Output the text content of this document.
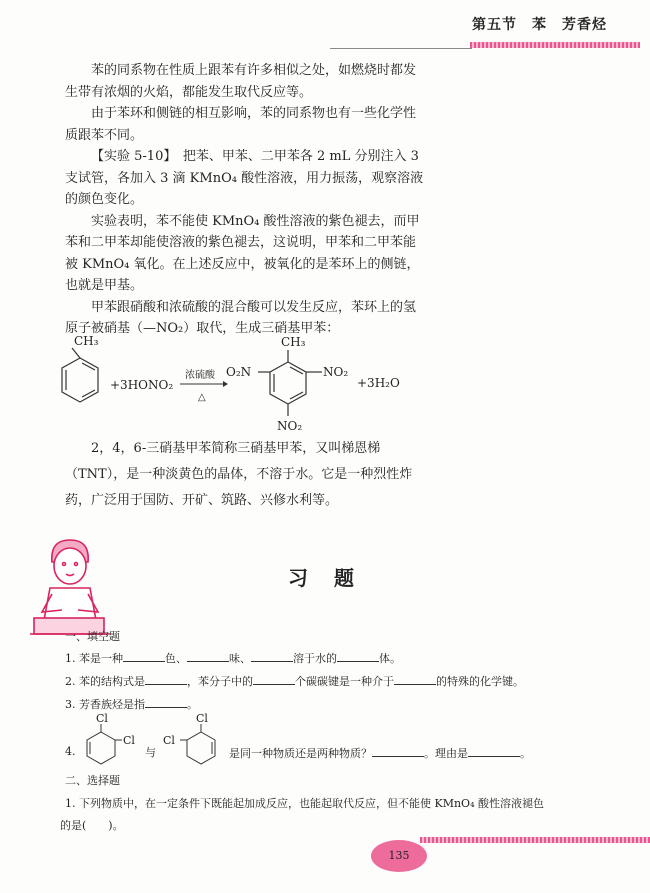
第五节　苯　芳香烃
苯的同系物在性质上跟苯有许多相似之处，如燃烧时都发
生带有浓烟的火焰，都能发生取代反应等。
由于苯环和侧链的相互影响，苯的同系物也有一些化学性
质跟苯不同。
【实验 5-10】　把苯、甲苯、二甲苯各 2 mL 分别注入 3
支试管，各加入 3 滴 KMnO₄ 酸性溶液，用力振荡，观察溶液
的颜色变化。
实验表明，苯不能使 KMnO₄ 酸性溶液的紫色褪去，而甲
苯和二甲苯却能使溶液的紫色褪去，这说明，甲苯和二甲苯能
被 KMnO₄ 氧化。在上述反应中，被氧化的是苯环上的侧链，
也就是甲基。
甲苯跟硝酸和浓硫酸的混合酸可以发生反应，苯环上的氢
原子被硝基（—NO₂）取代，生成三硝基甲苯：
CH₃
+3HONO₂
浓硫酸
△
CH₃
O₂N	NO₂
NO₂
+3H₂O
2，4，6-三硝基甲苯简称三硝基甲苯，又叫梯恩梯
（TNT），是一种淡黄色的晶体，不溶于水。它是一种烈性炸
药，广泛用于国防、开矿、筑路、兴修水利等。
习题
一、填空题
1. 苯是一种	色、	味、	溶于水的	体。
2. 苯的结构式是	，苯分子中的	个碳碳键是一种介于	的特殊的化学键。
3. 芳香族烃是指	。
4.
Cl
Cl
与
Cl
Cl
是同一种物质还是两种物质？	。理由是	。
二、选择题
1. 下列物质中，在一定条件下既能起加成反应，也能起取代反应，但不能使 KMnO₄ 酸性溶液褪色
的是(　　)。
135
